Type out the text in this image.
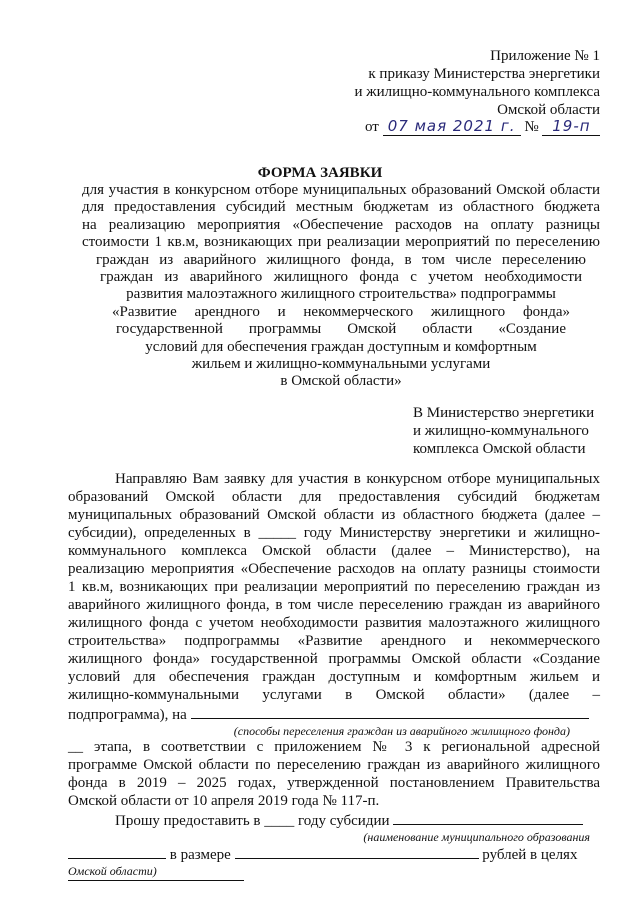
Приложение № 1
к приказу Министерства энергетики
и жилищно-коммунального комплекса
Омской области
от 07 мая 2021 г. № 19-п
ФОРМА ЗАЯВКИ
для участия в конкурсном отборе муниципальных образований Омской области
для предоставления субсидий местным бюджетам из областного бюджета
на реализацию мероприятия «Обеспечение расходов на оплату разницы
стоимости 1 кв.м, возникающих при реализации мероприятий по переселению
граждан из аварийного жилищного фонда, в том числе переселению
граждан из аварийного жилищного фонда с учетом необходимости
развития малоэтажного жилищного строительства» подпрограммы
«Развитие арендного и некоммерческого жилищного фонда»
государственной программы Омской области «Создание
условий для обеспечения граждан доступным и комфортным
жильем и жилищно-коммунальными услугами
в Омской области»
В Министерство энергетики
и жилищно-коммунального
комплекса Омской области
Направляю Вам заявку для участия в конкурсном отборе муниципальных
образований Омской области для предоставления субсидий бюджетам
муниципальных образований Омской области из областного бюджета (далее –
субсидии), определенных в _____ году Министерству энергетики и жилищно-
коммунального комплекса Омской области (далее – Министерство), на
реализацию мероприятия «Обеспечение расходов на оплату разницы стоимости
1 кв.м, возникающих при реализации мероприятий по переселению граждан из
аварийного жилищного фонда, в том числе переселению граждан из аварийного
жилищного фонда с учетом необходимости развития малоэтажного жилищного
строительства» подпрограммы «Развитие арендного и некоммерческого
жилищного фонда» государственной программы Омской области «Создание
условий для обеспечения граждан доступным и комфортным жильем и
жилищно-коммунальными услугами в Омской области» (далее –
подпрограмма), на
(способы переселения граждан из аварийного жилищного фонда)
__ этапа, в соответствии с приложением № 3 к региональной адресной
программе Омской области по переселению граждан из аварийного жилищного
фонда в 2019 – 2025 годах, утвержденной постановлением Правительства
Омской области от 10 апреля 2019 года № 117-п.
Прошу предоставить в ____ году субсидии
(наименование муниципального образования
в размере	рублей в целях
Омской области)
